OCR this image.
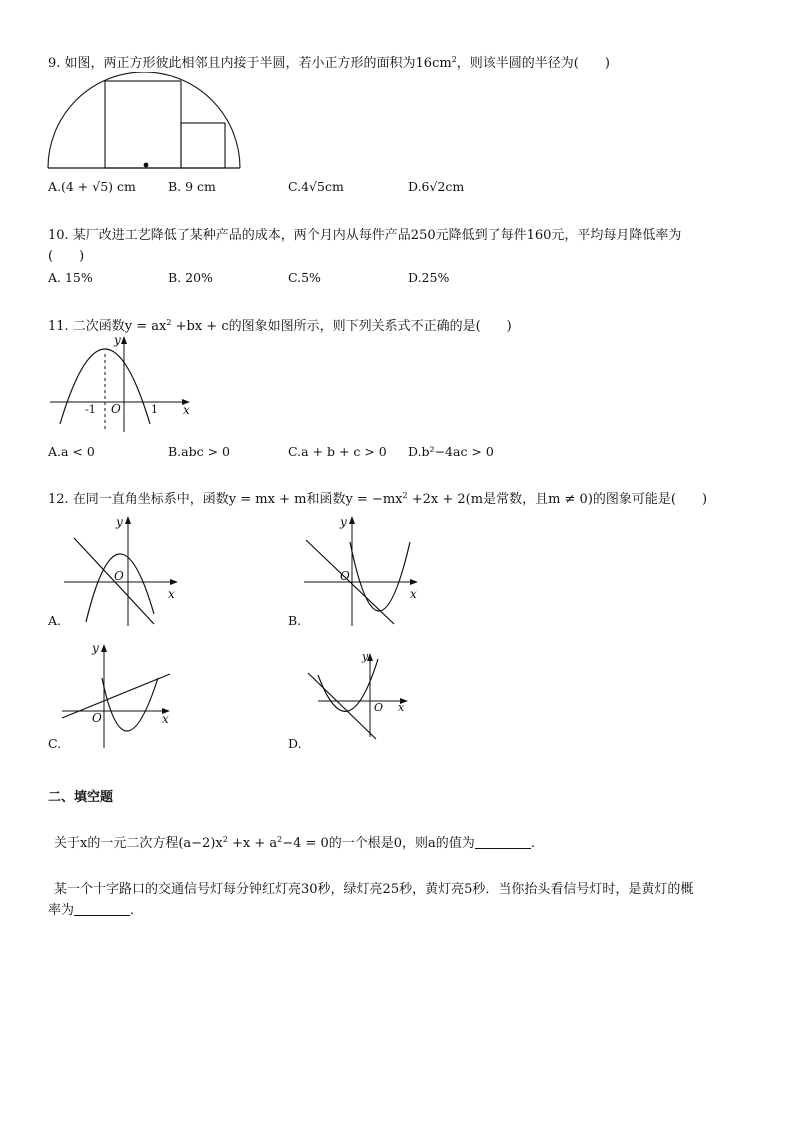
9. 如图，两正方形彼此相邻且内接于半圆，若小正方形的面积为$16cm^2$，则该半圆的半径为(　　)
A.(4 + √5) cm	B. 9 cm	C.4√5cm	D.6√2cm
10. 某厂改进工艺降低了某种产品的成本，两个月内从每件产品250元降低到了每件160元，平均每月降低率为
(　　)
A. 15%	B. 20%	C.5%	D.25%
11. 二次函数$y = ax^2 +bx + c$的图象如图所示，则下列关系式不正确的是(　　)
y
x
O
-1	1
A.a < 0	B.abc > 0	C.a + b + c > 0 D.b²−4ac > 0
12. 在同一直角坐标系中，函数y = mx + m和函数$y = -mx^2 +2x + 2(m$是常数，且m ≠ 0)的图象可能是(　　)
y
x
O
A.
y
x
O
B.
y
x
O
C.
y
x
O
D.
二、填空题
关于x的一元二次方程$(a-2)x^2 +x + a^2-4 = 0$的一个根是0，则a的值为	.
某一个十字路口的交通信号灯每分钟红灯亮30秒，绿灯亮25秒，黄灯亮5秒．当你抬头看信号灯时，是黄灯的概
率为	．
